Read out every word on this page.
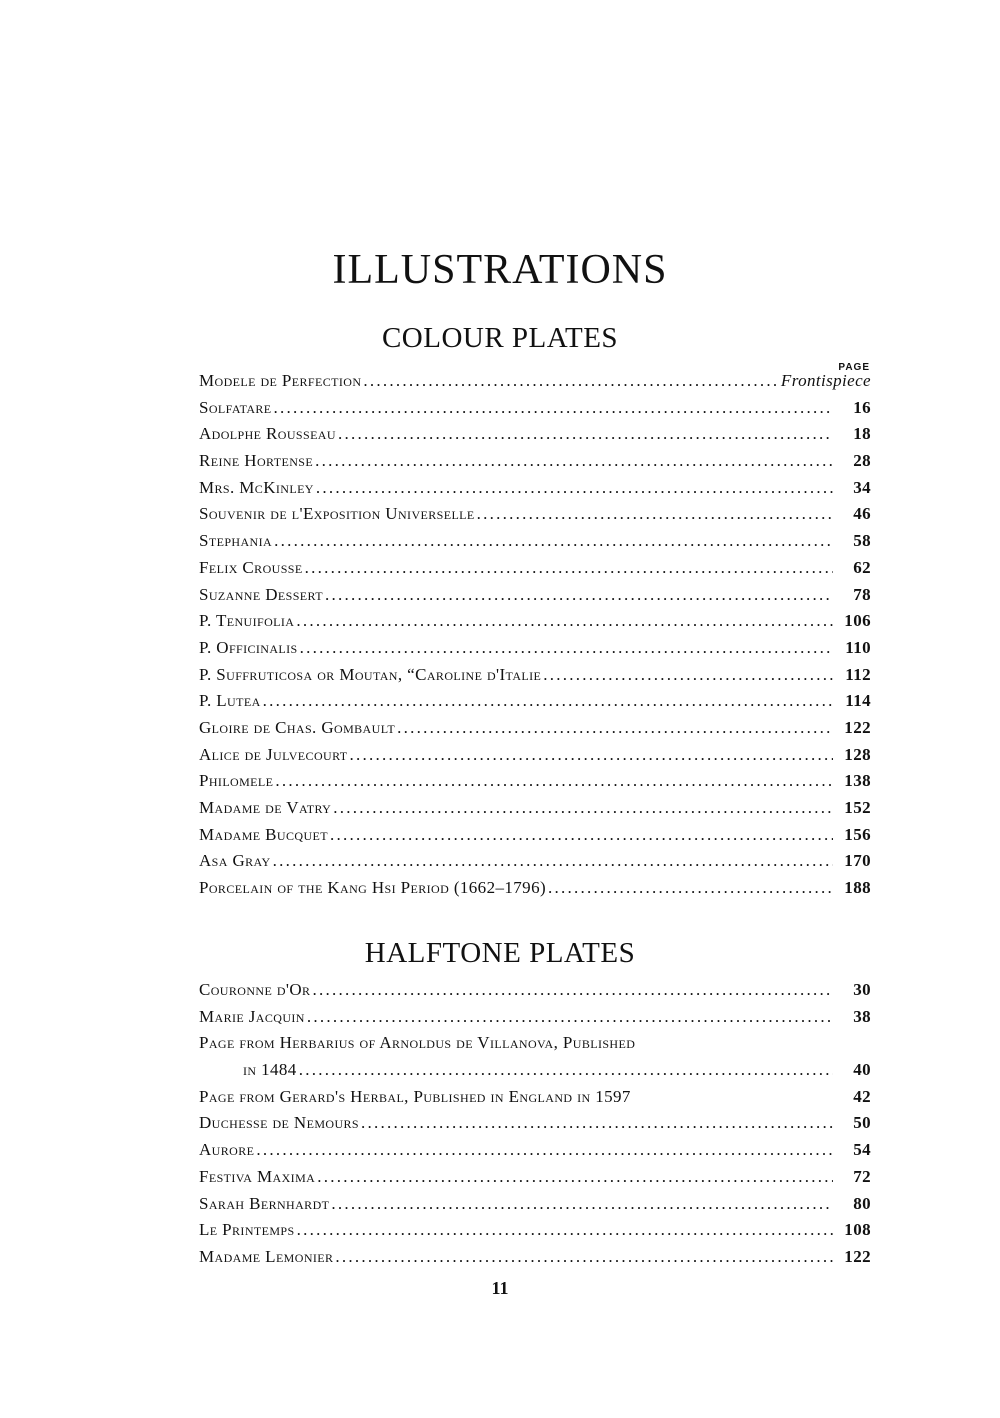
ILLUSTRATIONS
COLOUR PLATES
PAGE
Modele de Perfection . . .	Frontispiece
Solfatare . . .	16
Adolphe Rousseau . . .	18
Reine Hortense . . .	28
Mrs. McKinley . . .	34
Souvenir de l'Exposition Universelle . . .	46
Stephania . . .	58
Felix Crousse . . .	62
Suzanne Dessert . . .	78
P. Tenuifolia . . .	106
P. Officinalis . . .	110
P. Suffruticosa or Moutan, “Caroline d'Italie . . .	112
P. Lutea . . .	114
Gloire de Chas. Gombault . . .	122
Alice de Julvecourt . . .	128
Philomele . . .	138
Madame de Vatry . . .	152
Madame Bucquet . . .	156
Asa Gray . . .	170
Porcelain of the Kang Hsi Period (1662–1796) . . .	188
HALFTONE PLATES
Couronne d'Or . . .	30
Marie Jacquin . . .	38
Page from Herbarius of Arnoldus de Villanova, Published
in 1484 . . .	40
Page from Gerard's Herbal, Published in England in 1597	42
Duchesse de Nemours . . .	50
Aurore . . .	54
Festiva Maxima . . .	72
Sarah Bernhardt . . .	80
Le Printemps . . .	108
Madame Lemonier . . .	122
11
